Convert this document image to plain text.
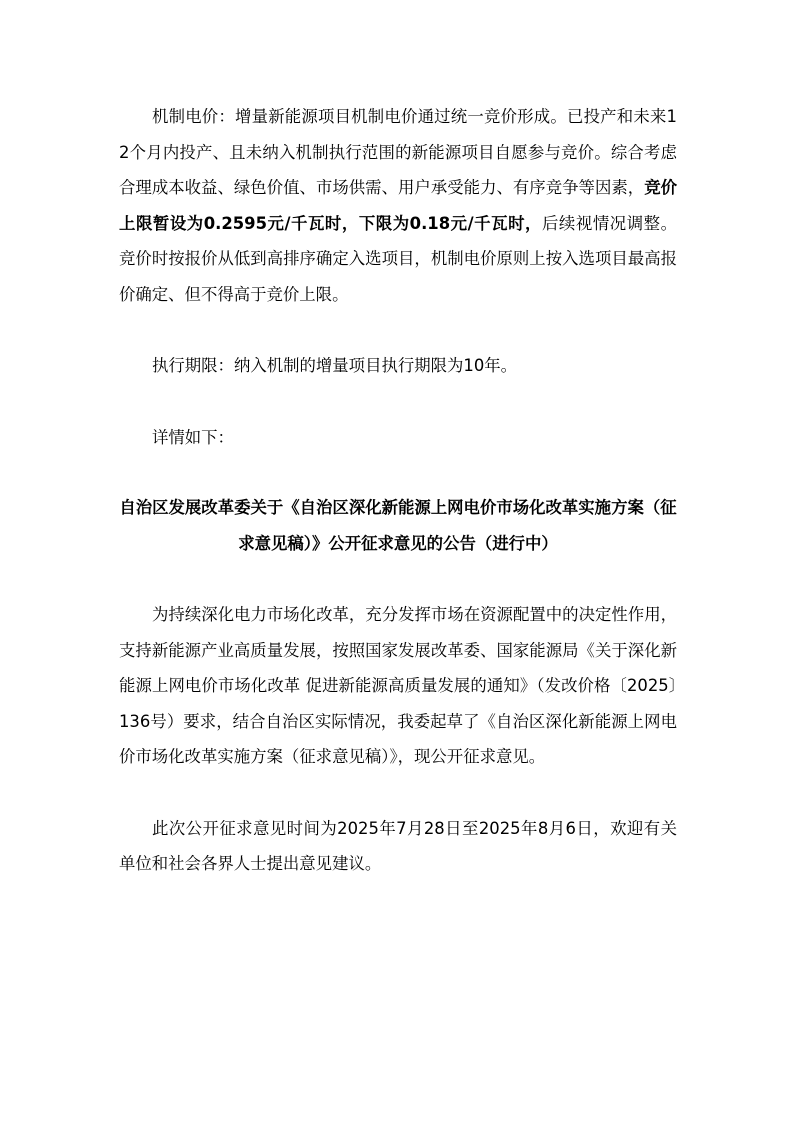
机制电价：增量新能源项目机制电价通过统一竞价形成。已投产和未来12个月内投产、且未纳入机制执行范围的新能源项目自愿参与竞价。综合考虑合理成本收益、绿色价值、市场供需、用户承受能力、有序竞争等因素，竞价上限暂设为0.2595元/千瓦时，下限为0.18元/千瓦时，后续视情况调整。竞价时按报价从低到高排序确定入选项目，机制电价原则上按入选项目最高报价确定、但不得高于竞价上限。

执行期限：纳入机制的增量项目执行期限为10年。

详情如下：

自治区发展改革委关于《自治区深化新能源上网电价市场化改革实施方案（征求意见稿）》公开征求意见的公告（进行中）

为持续深化电力市场化改革，充分发挥市场在资源配置中的决定性作用，支持新能源产业高质量发展，按照国家发展改革委、国家能源局《关于深化新能源上网电价市场化改革 促进新能源高质量发展的通知》（发改价格〔2025〕136号）要求，结合自治区实际情况，我委起草了《自治区深化新能源上网电价市场化改革实施方案（征求意见稿）》，现公开征求意见。

此次公开征求意见时间为2025年7月28日至2025年8月6日，欢迎有关单位和社会各界人士提出意见建议。
